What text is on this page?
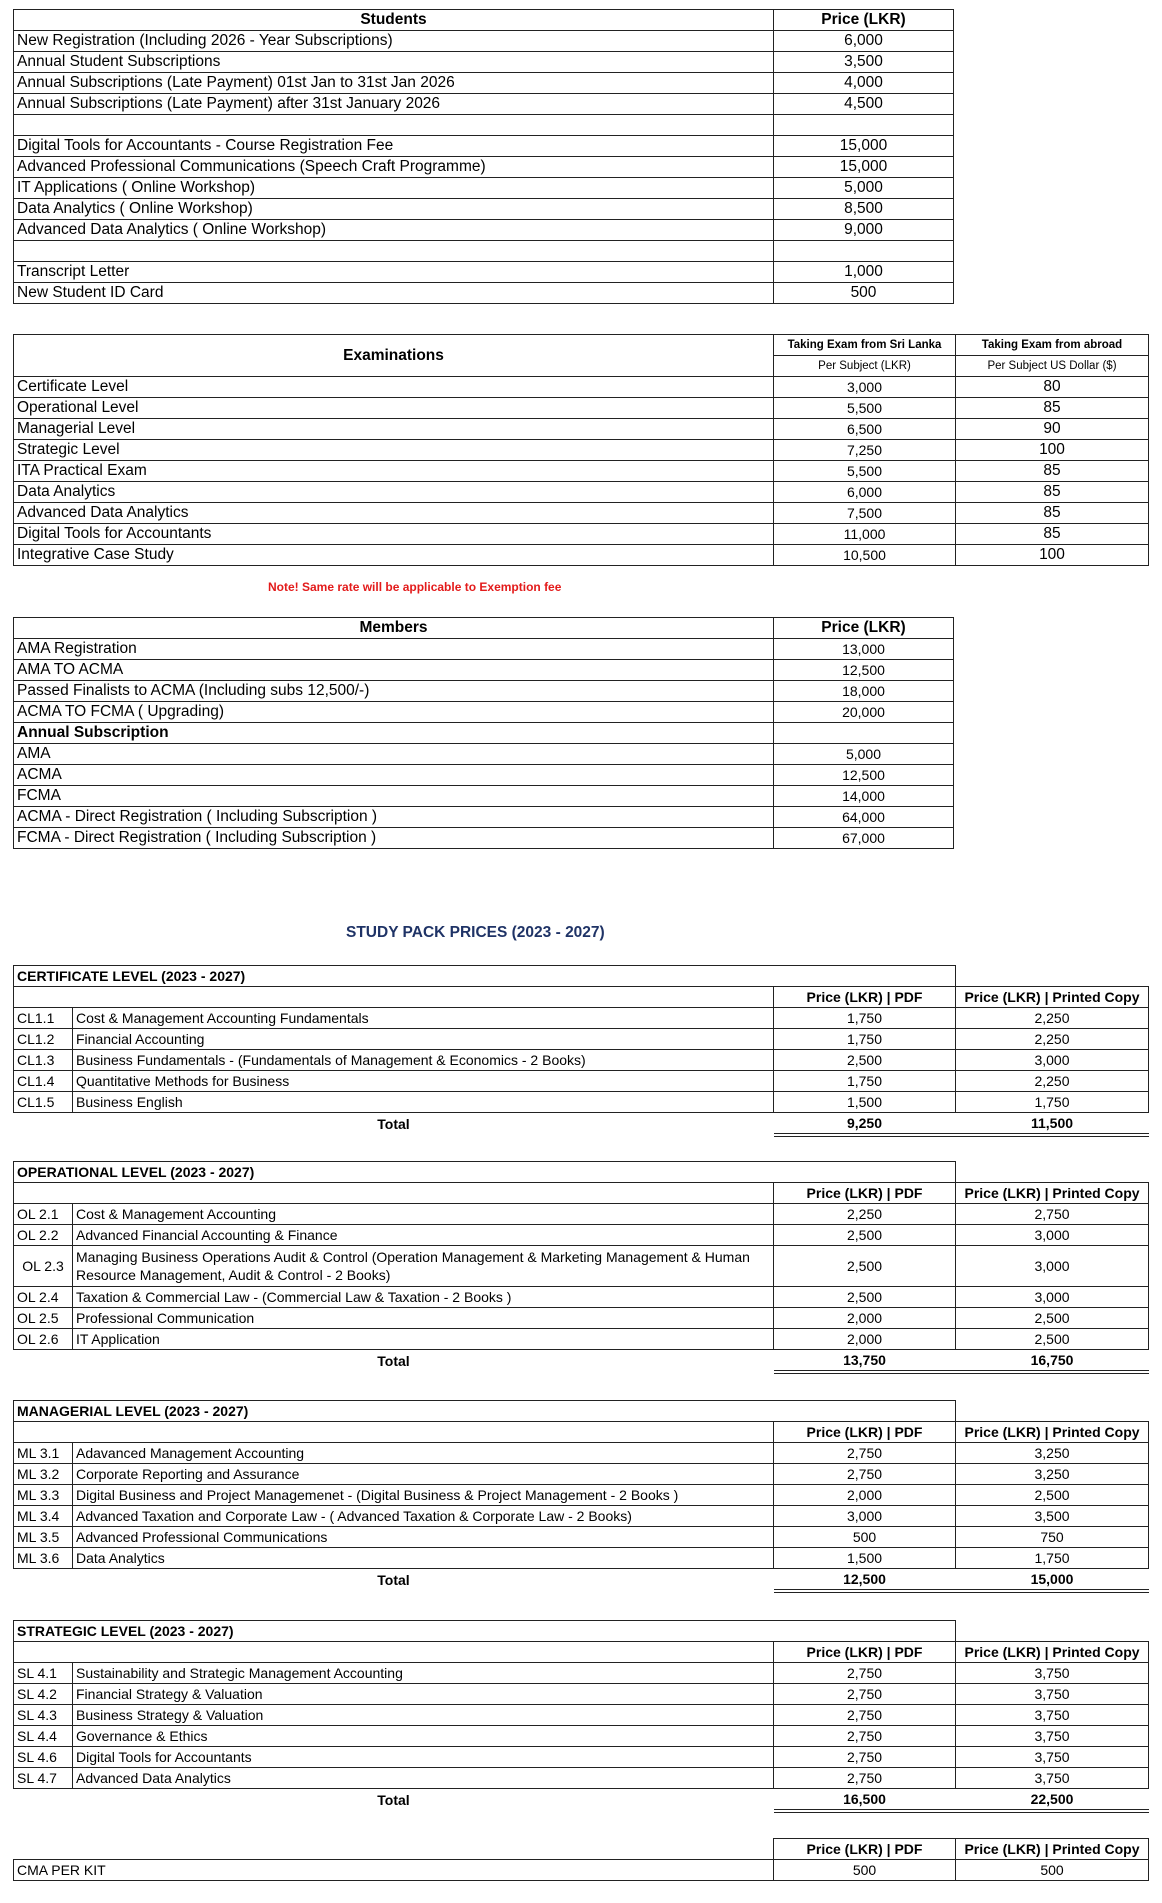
Students	Price (LKR)
New Registration (Including 2026 - Year Subscriptions)	6,000
Annual Student Subscriptions	3,500
Annual Subscriptions (Late Payment) 01st Jan to 31st Jan 2026	4,000
Annual Subscriptions (Late Payment) after 31st January 2026	4,500

Digital Tools for Accountants - Course Registration Fee	15,000
Advanced Professional Communications (Speech Craft Programme)	15,000
IT Applications ( Online Workshop)	5,000
Data Analytics ( Online Workshop)	8,500
Advanced Data Analytics ( Online Workshop)	9,000

Transcript Letter	1,000
New Student ID Card	500
Examinations	Taking Exam from Sri Lanka	Taking Exam from abroad
	Per Subject (LKR)	Per Subject US Dollar ($)
Certificate Level	3,000	80
Operational Level	5,500	85
Managerial Level	6,500	90
Strategic Level	7,250	100
ITA Practical Exam	5,500	85
Data Analytics	6,000	85
Advanced Data Analytics	7,500	85
Digital Tools for Accountants	11,000	85
Integrative Case Study	10,500	100
Note! Same rate will be applicable to Exemption fee
Members	Price (LKR)
AMA Registration	13,000
AMA TO ACMA	12,500
Passed Finalists to ACMA (Including subs 12,500/-)	18,000
ACMA TO FCMA ( Upgrading)	20,000
Annual Subscription	
AMA	5,000
ACMA	12,500
FCMA	14,000
ACMA - Direct Registration ( Including Subscription )	64,000
FCMA - Direct Registration ( Including Subscription )	67,000
STUDY PACK PRICES (2023 - 2027)
CERTIFICATE LEVEL (2023 - 2027)			
		Price (LKR) | PDF	Price (LKR) | Printed Copy
CL1.1	Cost & Management Accounting Fundamentals	1,750	2,250
CL1.2	Financial Accounting	1,750	2,250
CL1.3	Business Fundamentals - (Fundamentals of Management & Economics - 2 Books)	2,500	3,000
CL1.4	Quantitative Methods for Business	1,750	2,250
CL1.5	Business English	1,500	1,750
Total		9,250	11,500
OPERATIONAL LEVEL (2023 - 2027)			
		Price (LKR) | PDF	Price (LKR) | Printed Copy
OL 2.1	Cost & Management Accounting	2,250	2,750
OL 2.2	Advanced Financial Accounting & Finance	2,500	3,000
OL 2.3	Managing Business Operations Audit & Control (Operation Management & Marketing Management & Human Resource Management, Audit & Control - 2 Books)	2,500	3,000
OL 2.4	Taxation & Commercial Law - (Commercial Law & Taxation - 2 Books )	2,500	3,000
OL 2.5	Professional Communication	2,000	2,500
OL 2.6	IT Application	2,000	2,500
Total		13,750	16,750
MANAGERIAL LEVEL (2023 - 2027)			
		Price (LKR) | PDF	Price (LKR) | Printed Copy
ML 3.1	Adavanced Management Accounting	2,750	3,250
ML 3.2	Corporate Reporting and Assurance	2,750	3,250
ML 3.3	Digital Business and Project Managemenet - (Digital Business & Project Management - 2 Books )	2,000	2,500
ML 3.4	Advanced Taxation and Corporate Law - ( Advanced Taxation & Corporate Law - 2 Books)	3,000	3,500
ML 3.5	Advanced Professional Communications	500	750
ML 3.6	Data Analytics	1,500	1,750
Total		12,500	15,000
STRATEGIC LEVEL (2023 - 2027)			
		Price (LKR) | PDF	Price (LKR) | Printed Copy
SL 4.1	Sustainability and Strategic Management Accounting	2,750	3,750
SL 4.2	Financial Strategy & Valuation	2,750	3,750
SL 4.3	Business Strategy & Valuation	2,750	3,750
SL 4.4	Governance & Ethics	2,750	3,750
SL 4.6	Digital Tools for Accountants	2,750	3,750
SL 4.7	Advanced Data Analytics	2,750	3,750
Total		16,500	22,500
	Price (LKR) | PDF	Price (LKR) | Printed Copy
CMA PER KIT	500	500
